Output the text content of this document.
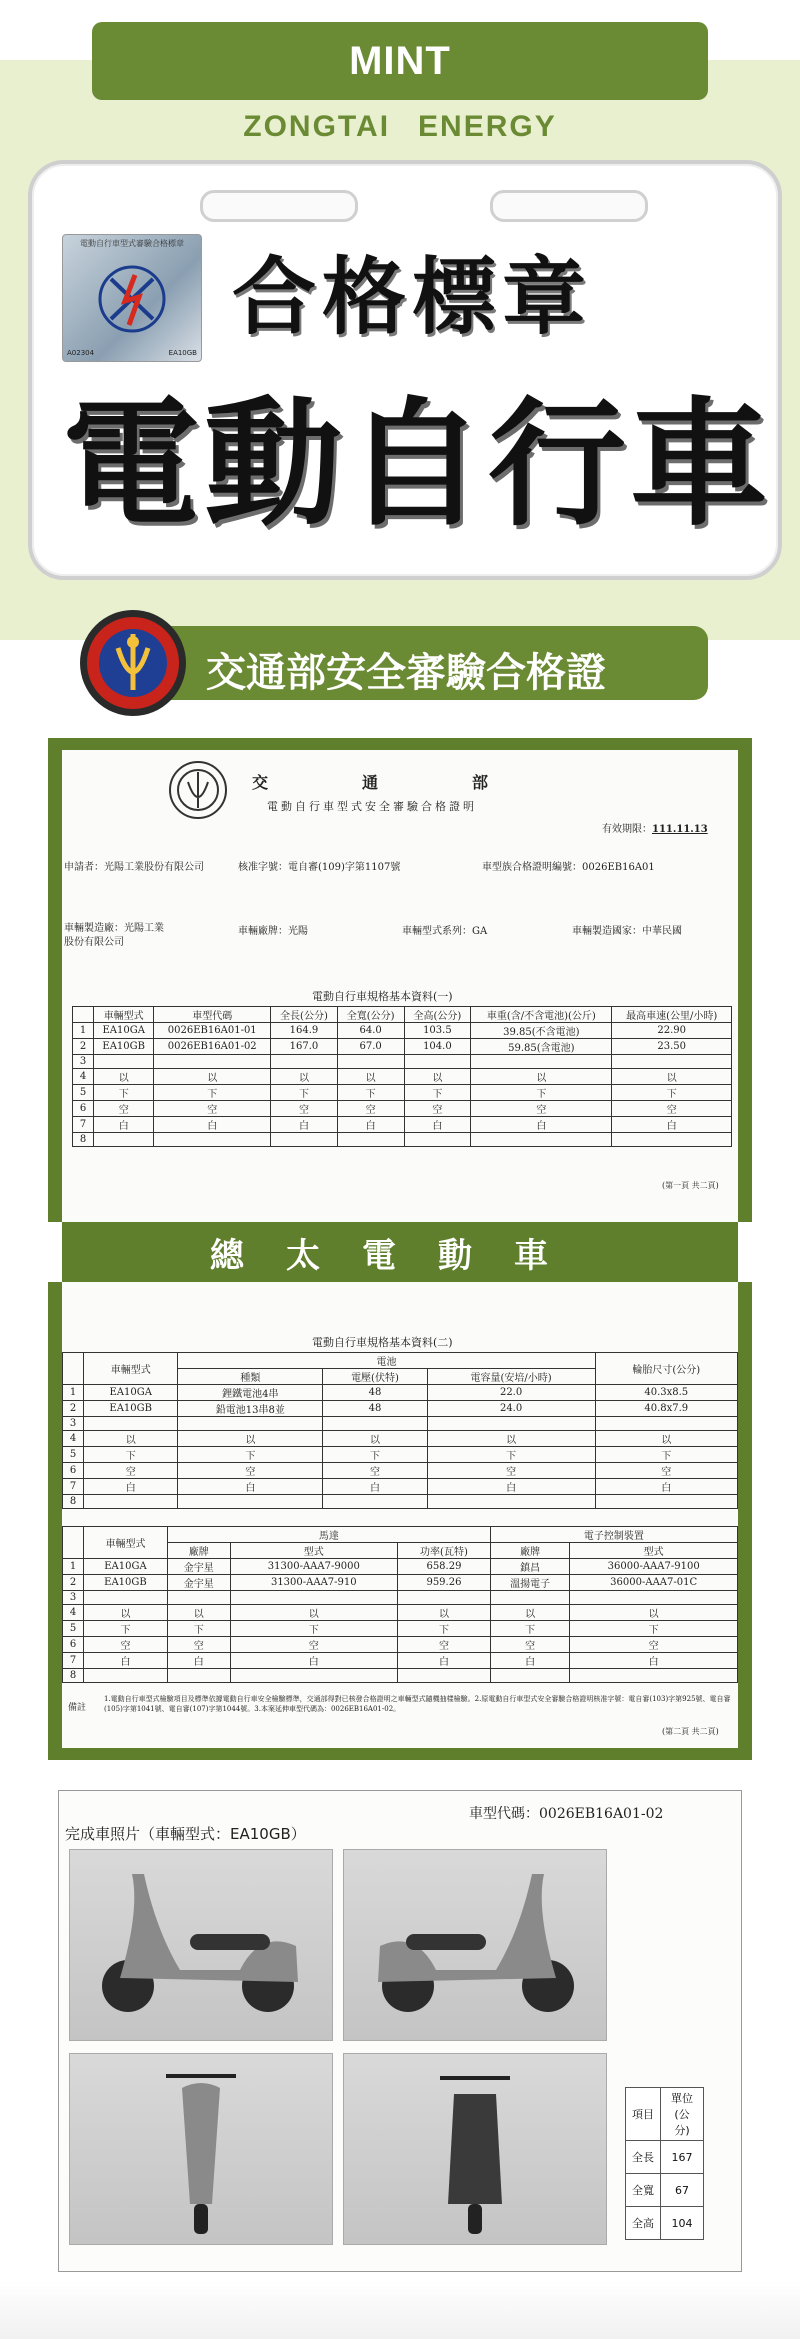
MINT
ZONGTAI ENERGY
電動自行車型式審驗合格標章
A02304	EA10GB
合格標章
電動自行車
交通部安全審驗合格證
交　　　　通　　　　部
電動自行車型式安全審驗合格證明
有效期限：111.11.13
申請者：光陽工業股份有限公司	核准字號：電自審(109)字第1107號	車型族合格證明編號：0026EB16A01
車輛製造廠：光陽工業股份有限公司
車輛廠牌：光陽	車輛型式系列：GA	車輛製造國家：中華民國
電動自行車規格基本資料(一)
	車輛型式	車型代碼	全長(公分)	全寬(公分)	全高(公分)	車重(含/不含電池)(公斤)	最高車速(公里/小時)
1	EA10GA	0026EB16A01-01	164.9	64.0	103.5	39.85(不含電池)	22.90
2	EA10GB	0026EB16A01-02	167.0	67.0	104.0	59.85(含電池)	23.50
3							
4	以	以	以	以	以	以	以
5	下	下	下	下	下	下	下
6	空	空	空	空	空	空	空
7	白	白	白	白	白	白	白
8							
(第一頁 共二頁)
總太電動車
電動自行車規格基本資料(二)
	車輛型式	電池			輪胎尺寸(公分)
		種類	電壓(伏特)	電容量(安培/小時)	
1	EA10GA	鋰鐵電池4串	48	22.0	40.3x8.5
2	EA10GB	鉛電池13串8並	48	24.0	40.8x7.9
3					
4	以	以	以	以	以
5	下	下	下	下	下
6	空	空	空	空	空
7	白	白	白	白	白
8					
	車輛型式	馬達			電子控制裝置	
		廠牌	型式	功率(瓦特)	廠牌	型式
1	EA10GA	金宇星	31300-AAA7-9000	658.29	鎮昌	36000-AAA7-9100
2	EA10GB	金宇星	31300-AAA7-910	959.26	溫揚電子	36000-AAA7-01C
3						
4	以	以	以	以	以	以
5	下	下	下	下	下	下
6	空	空	空	空	空	空
7	白	白	白	白	白	白
8						
備註
1.電動自行車型式檢驗項目及標準依據電動自行車安全檢驗標準，交通部得對已核發合格證明之車輛型式隨機抽樣檢驗。2.原電動自行車型式安全審驗合格證明核准字號：電自審(103)字第925號、電自審(105)字第1041號、電自審(107)字第1044號。3.本案延伸車型代碼為：0026EB16A01-02。
(第二頁 共二頁)
車型代碼：0026EB16A01-02
完成車照片（車輛型式：EA10GB）
項目	單位(公分)
全長	167
全寬	67
全高	104
